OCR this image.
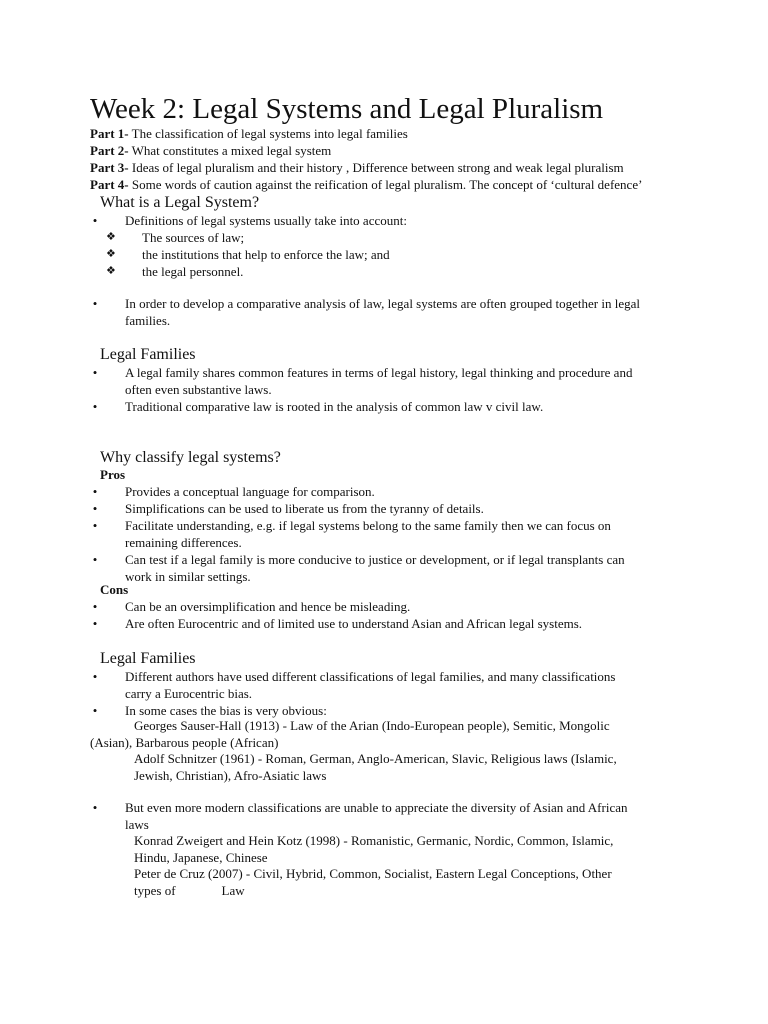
Week 2: Legal Systems and Legal Pluralism
Part 1- The classification of legal systems into legal families
Part 2- What constitutes a mixed legal system
Part 3- Ideas of legal pluralism and their history , Difference between strong and weak legal pluralism
Part 4- Some words of caution against the reification of legal pluralism. The concept of ‘cultural defence’
What is a Legal System?
• Definitions of legal systems usually take into account:
❖ The sources of law;
❖ the institutions that help to enforce the law; and
❖ the legal personnel.
• In order to develop a comparative analysis of law, legal systems are often grouped together in legal
families.
Legal Families
• A legal family shares common features in terms of legal history, legal thinking and procedure and
often even substantive laws.
• Traditional comparative law is rooted in the analysis of common law v civil law.
Why classify legal systems?
Pros
• Provides a conceptual language for comparison.
• Simplifications can be used to liberate us from the tyranny of details.
• Facilitate understanding, e.g. if legal systems belong to the same family then we can focus on
remaining differences.
• Can test if a legal family is more conducive to justice or development, or if legal transplants can
work in similar settings.
Cons
• Can be an oversimplification and hence be misleading.
• Are often Eurocentric and of limited use to understand Asian and African legal systems.
Legal Families
• Different authors have used different classifications of legal families, and many classifications
carry a Eurocentric bias.
• In some cases the bias is very obvious:
Georges Sauser-Hall (1913) - Law of the Arian (Indo-European people), Semitic, Mongolic
(Asian), Barbarous people (African)
Adolf Schnitzer (1961) - Roman, German, Anglo-American, Slavic, Religious laws (Islamic,
Jewish, Christian), Afro-Asiatic laws
• But even more modern classifications are unable to appreciate the diversity of Asian and African
laws
Konrad Zweigert and Hein Kotz (1998) - Romanistic, Germanic, Nordic, Common, Islamic,
Hindu, Japanese, Chinese
Peter de Cruz (2007) - Civil, Hybrid, Common, Socialist, Eastern Legal Conceptions, Other
types of	Law
